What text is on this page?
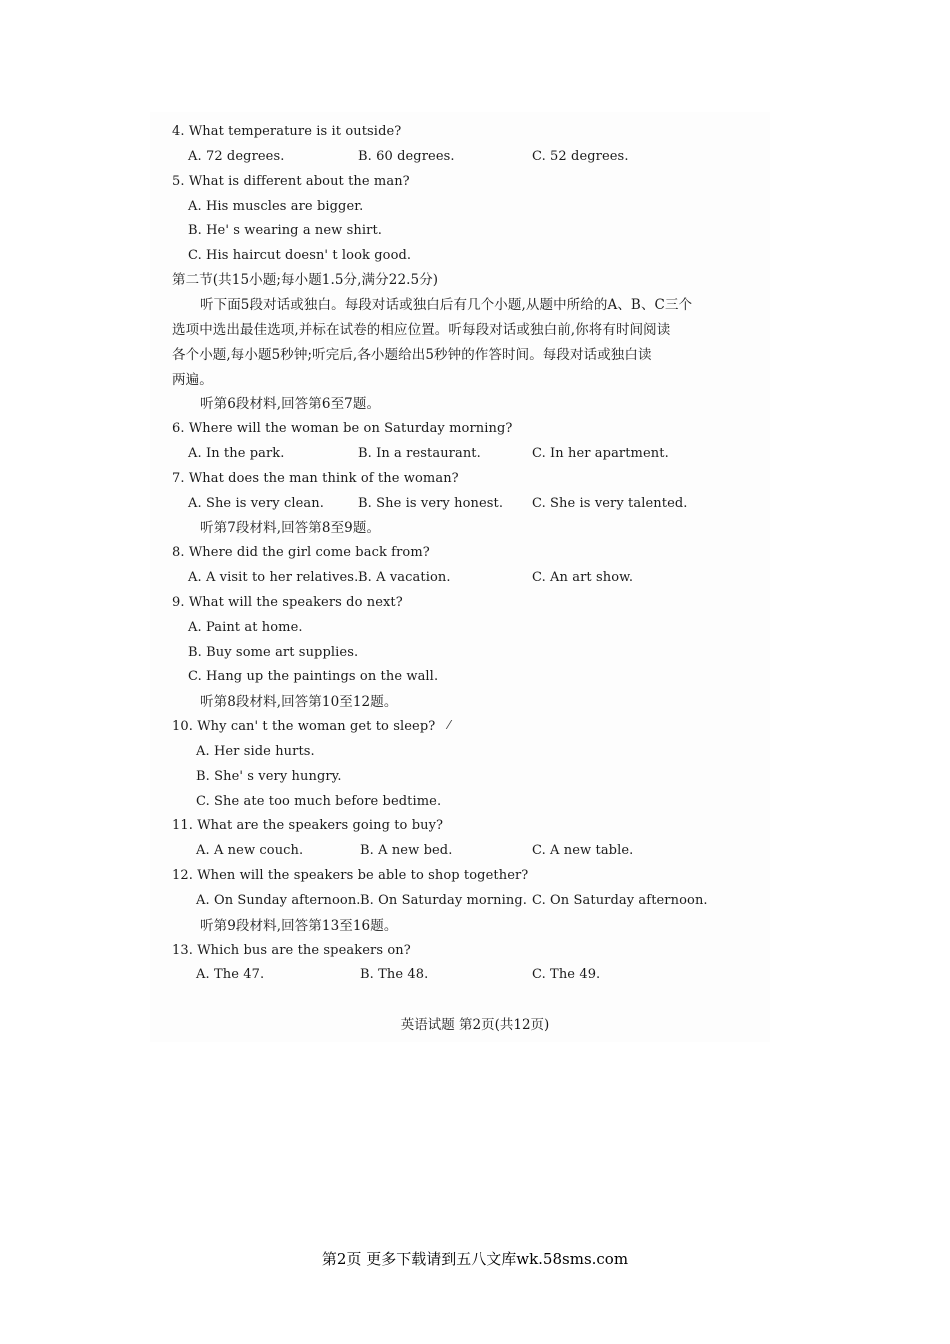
4. What temperature is it outside?
A. 72 degrees.	B. 60 degrees.	C. 52 degrees.
5. What is different about the man?
A. His muscles are bigger.
B. He' s wearing a new shirt.
C. His haircut doesn' t look good.
第二节(共15小题;每小题1.5分,满分22.5分)
听下面5段对话或独白。每段对话或独白后有几个小题,从题中所给的A、B、C三个
选项中选出最佳选项,并标在试卷的相应位置。听每段对话或独白前,你将有时间阅读
各个小题,每小题5秒钟;听完后,各小题给出5秒钟的作答时间。每段对话或独白读
两遍。
听第6段材料,回答第6至7题。
6. Where will the woman be on Saturday morning?
A. In the park.	B. In a restaurant.	C. In her apartment.
7. What does the man think of the woman?
A. She is very clean.	B. She is very honest. C. She is very talented.
听第7段材料,回答第8至9题。
8. Where did the girl come back from?
A. A visit to her relatives. B. A vacation.	C. An art show.
9. What will the speakers do next?
A. Paint at home.
B. Buy some art supplies.
C. Hang up the paintings on the wall.
听第8段材料,回答第10至12题。
10. Why can' t the woman get to sleep? ⁄
A. Her side hurts.
B. She' s very hungry.
C. She ate too much before bedtime.
11. What are the speakers going to buy?
A. A new couch.	B. A new bed.	C. A new table.
12. When will the speakers be able to shop together?
A. On Sunday afternoon. B. On Saturday morning. C. On Saturday afternoon.
听第9段材料,回答第13至16题。
13. Which bus are the speakers on?
A. The 47.	B. The 48.	C. The 49.
英语试题 第2页(共12页)
第2页 更多下载请到五八文库wk.58sms.com
